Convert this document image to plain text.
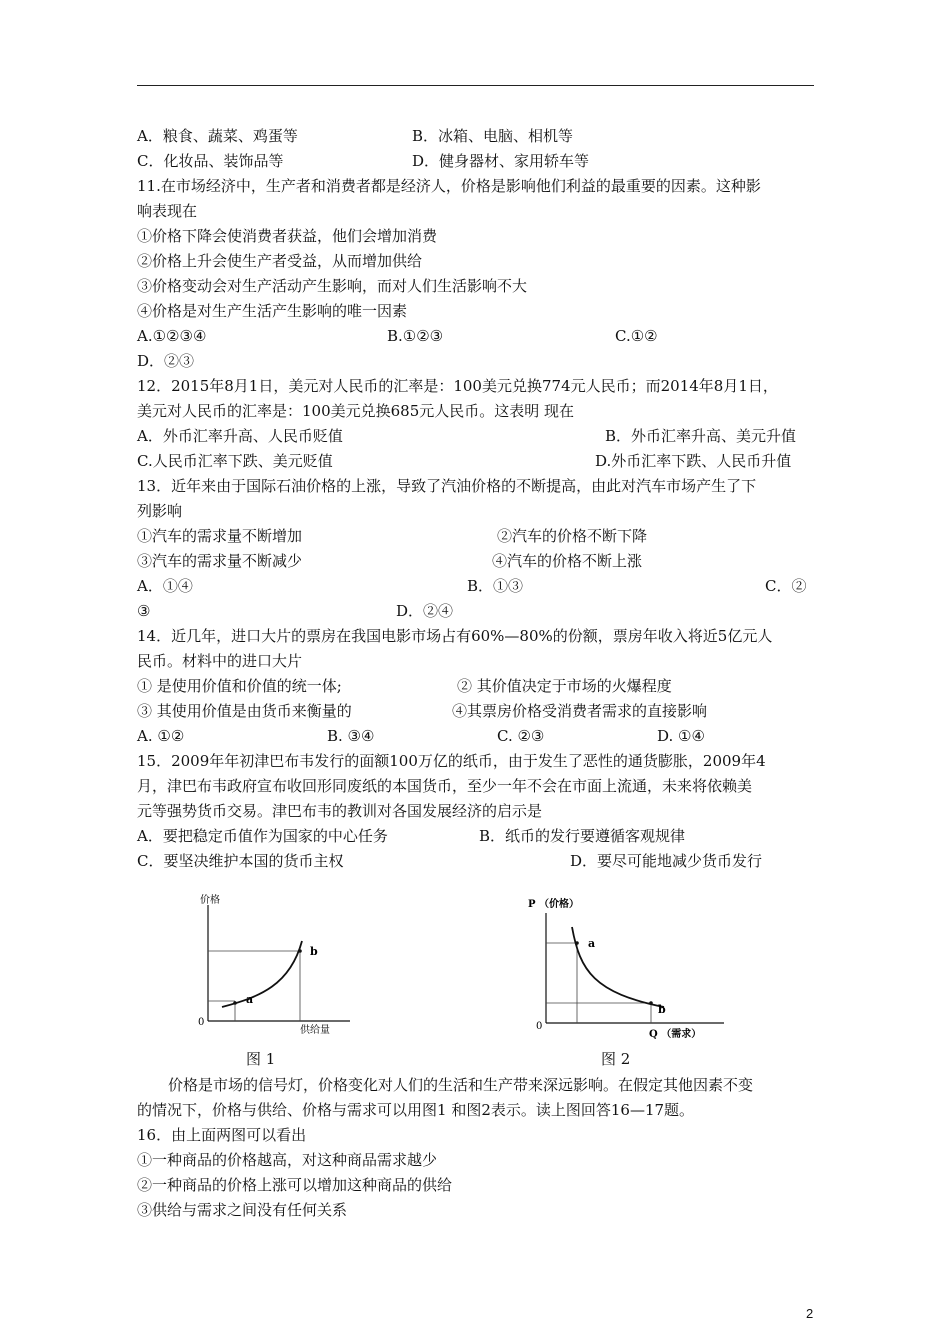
A．粮食、蔬菜、鸡蛋等	B．冰箱、电脑、相机等
C．化妆品、装饰品等	D．健身器材、家用轿车等
11.在市场经济中，生产者和消费者都是经济人，价格是影响他们利益的最重要的因素。这种影
响表现在
①价格下降会使消费者获益，他们会增加消费
②价格上升会使生产者受益，从而增加供给
③价格变动会对生产活动产生影响，而对人们生活影响不大
④价格是对生产生活产生影响的唯一因素
A.①②③④	B.①②③	C.①②
D．②③
12．2015年8月1日，美元对人民币的汇率是：100美元兑换774元人民币；而2014年8月1日，
美元对人民币的汇率是：100美元兑换685元人民币。这表明 现在
A．外币汇率升高、人民币贬值	B．外币汇率升高、美元升值
C.人民币汇率下跌、美元贬值	D.外币汇率下跌、人民币升值
13．近年来由于国际石油价格的上涨，导致了汽油价格的不断提高，由此对汽车市场产生了下
列影响
①汽车的需求量不断增加	②汽车的价格不断下降
③汽车的需求量不断减少	④汽车的价格不断上涨
A．①④	B．①③	C．②
③	D．②④
14．近几年，进口大片的票房在我国电影市场占有60%—80%的份额，票房年收入将近5亿元人
民币。材料中的进口大片
① 是使用价值和价值的统一体;	② 其价值决定于市场的火爆程度
③ 其使用价值是由货币来衡量的	④其票房价格受消费者需求的直接影响
A. ①②	B. ③④	C. ②③	D. ①④
15．2009年年初津巴布韦发行的面额100万亿的纸币，由于发生了恶性的通货膨胀，2009年4
月，津巴布韦政府宣布收回形同废纸的本国货币，至少一年不会在市面上流通，未来将依赖美
元等强势货币交易。津巴布韦的教训对各国发展经济的启示是
A．要把稳定币值作为国家的中心任务	B．纸币的发行要遵循客观规律
C．要坚决维护本国的货币主权	D．要尽可能地减少货币发行
价格
供给量
0
a
b
P （价格）
Q （需求）
0
a
b
图 1	图 2
价格是市场的信号灯，价格变化对人们的生活和生产带来深远影响。在假定其他因素不变
的情况下，价格与供给、价格与需求可以用图1 和图2表示。读上图回答16—17题。
16．由上面两图可以看出
①一种商品的价格越高，对这种商品需求越少
②一种商品的价格上涨可以增加这种商品的供给
③供给与需求之间没有任何关系
2
